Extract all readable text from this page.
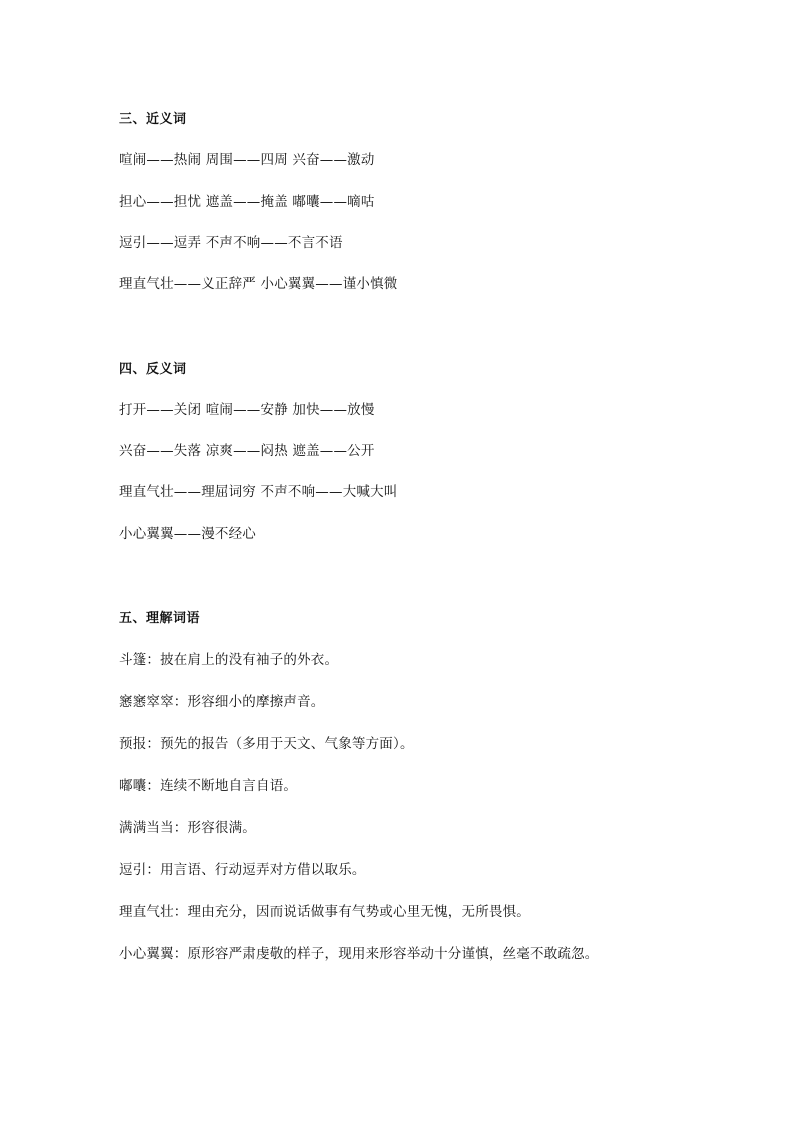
三、近义词
喧闹——热闹 周围——四周 兴奋——激动
担心——担忧 遮盖——掩盖 嘟囔——嘀咕
逗引——逗弄 不声不响——不言不语
理直气壮——义正辞严 小心翼翼——谨小慎微
四、反义词
打开——关闭 喧闹——安静 加快——放慢
兴奋——失落 凉爽——闷热 遮盖——公开
理直气壮——理屈词穷 不声不响——大喊大叫
小心翼翼——漫不经心
五、理解词语
斗篷：披在肩上的没有袖子的外衣。
窸窸窣窣：形容细小的摩擦声音。
预报：预先的报告（多用于天文、气象等方面）。
嘟囔：连续不断地自言自语。
满满当当：形容很满。
逗引：用言语、行动逗弄对方借以取乐。
理直气壮：理由充分，因而说话做事有气势或心里无愧，无所畏惧。
小心翼翼：原形容严肃虔敬的样子，现用来形容举动十分谨慎，丝毫不敢疏忽。
